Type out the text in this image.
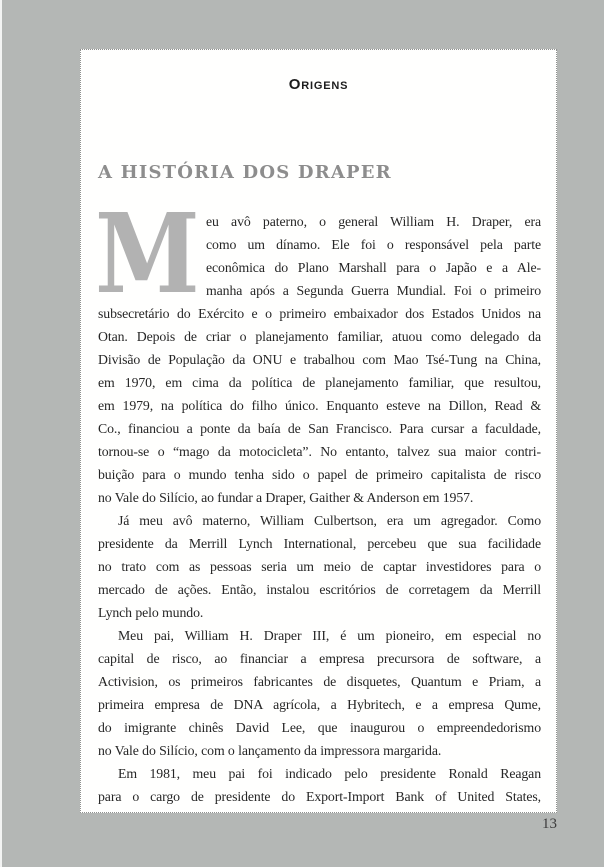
Origens
A HISTÓRIA DOS DRAPER
M eu avô paterno, o general William H. Draper, era
como um dínamo. Ele foi o responsável pela parte
econômica do Plano Marshall para o Japão e a Ale-
manha após a Segunda Guerra Mundial. Foi o primeiro
subsecretário do Exército e o primeiro embaixador dos Estados Unidos na
Otan. Depois de criar o planejamento familiar, atuou como delegado da
Divisão de População da ONU e trabalhou com Mao Tsé-Tung na China,
em 1970, em cima da política de planejamento familiar, que resultou,
em 1979, na política do filho único. Enquanto esteve na Dillon, Read &
Co., financiou a ponte da baía de San Francisco. Para cursar a faculdade,
tornou-se o “mago da motocicleta”. No entanto, talvez sua maior contri-
buição para o mundo tenha sido o papel de primeiro capitalista de risco
no Vale do Silício, ao fundar a Draper, Gaither & Anderson em 1957.
Já meu avô materno, William Culbertson, era um agregador. Como
presidente da Merrill Lynch International, percebeu que sua facilidade
no trato com as pessoas seria um meio de captar investidores para o
mercado de ações. Então, instalou escritórios de corretagem da Merrill
Lynch pelo mundo.
Meu pai, William H. Draper III, é um pioneiro, em especial no
capital de risco, ao financiar a empresa precursora de software, a
Activision, os primeiros fabricantes de disquetes, Quantum e Priam, a
primeira empresa de DNA agrícola, a Hybritech, e a empresa Qume,
do imigrante chinês David Lee, que inaugurou o empreendedorismo
no Vale do Silício, com o lançamento da impressora margarida.
Em 1981, meu pai foi indicado pelo presidente Ronald Reagan
para o cargo de presidente do Export-Import Bank of United States,
13
